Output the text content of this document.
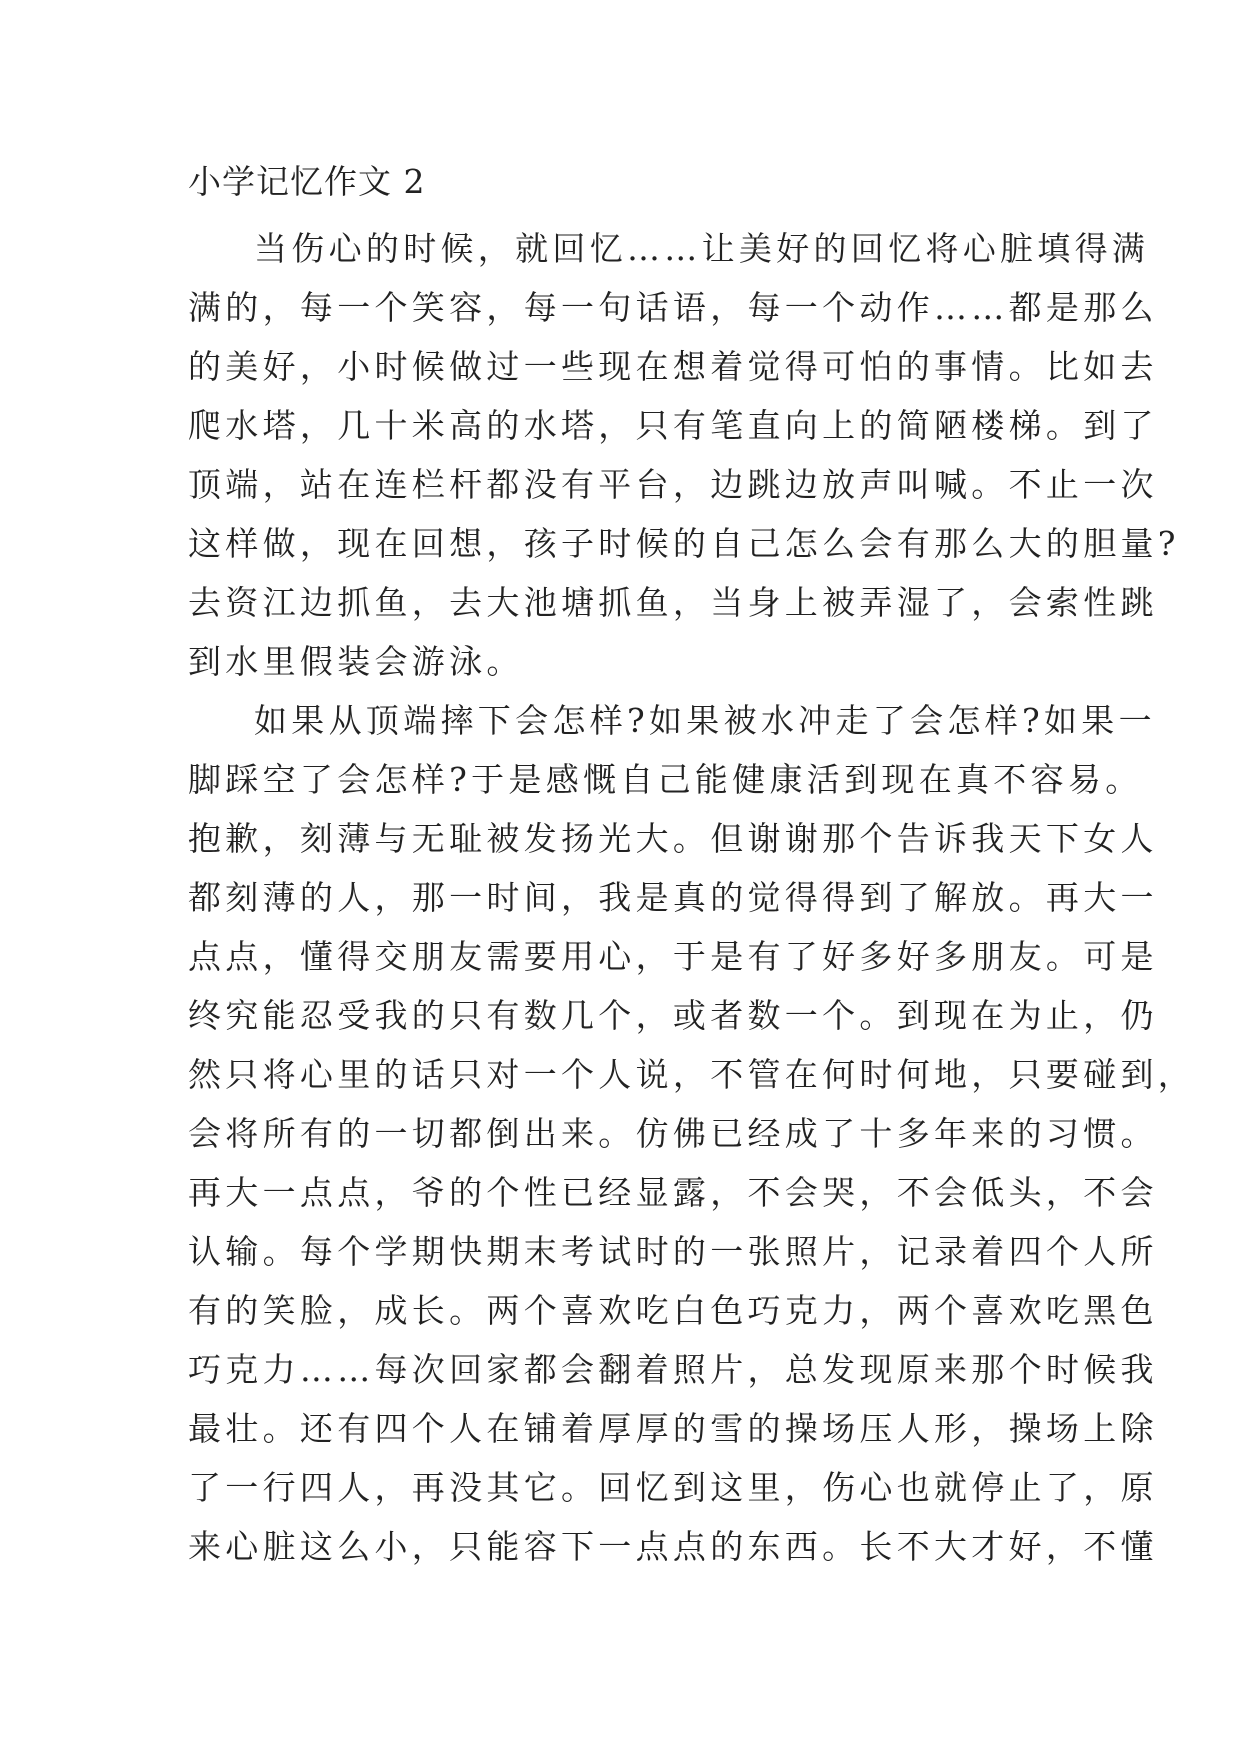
小学记忆作文 2
当伤心的时候，就回忆……让美好的回忆将心脏填得满
满的，每一个笑容，每一句话语，每一个动作……都是那么
的美好，小时候做过一些现在想着觉得可怕的事情。比如去
爬水塔，几十米高的水塔，只有笔直向上的简陋楼梯。到了
顶端，站在连栏杆都没有平台，边跳边放声叫喊。不止一次
这样做，现在回想，孩子时候的自己怎么会有那么大的胆量?
去资江边抓鱼，去大池塘抓鱼，当身上被弄湿了，会索性跳
到水里假装会游泳。
如果从顶端摔下会怎样?如果被水冲走了会怎样?如果一
脚踩空了会怎样?于是感慨自己能健康活到现在真不容易。
抱歉，刻薄与无耻被发扬光大。但谢谢那个告诉我天下女人
都刻薄的人，那一时间，我是真的觉得得到了解放。再大一
点点，懂得交朋友需要用心，于是有了好多好多朋友。可是
终究能忍受我的只有数几个，或者数一个。到现在为止，仍
然只将心里的话只对一个人说，不管在何时何地，只要碰到，
会将所有的一切都倒出来。仿佛已经成了十多年来的习惯。
再大一点点，爷的个性已经显露，不会哭，不会低头，不会
认输。每个学期快期末考试时的一张照片，记录着四个人所
有的笑脸，成长。两个喜欢吃白色巧克力，两个喜欢吃黑色
巧克力……每次回家都会翻着照片，总发现原来那个时候我
最壮。还有四个人在铺着厚厚的雪的操场压人形，操场上除
了一行四人，再没其它。回忆到这里，伤心也就停止了，原
来心脏这么小，只能容下一点点的东西。长不大才好，不懂
